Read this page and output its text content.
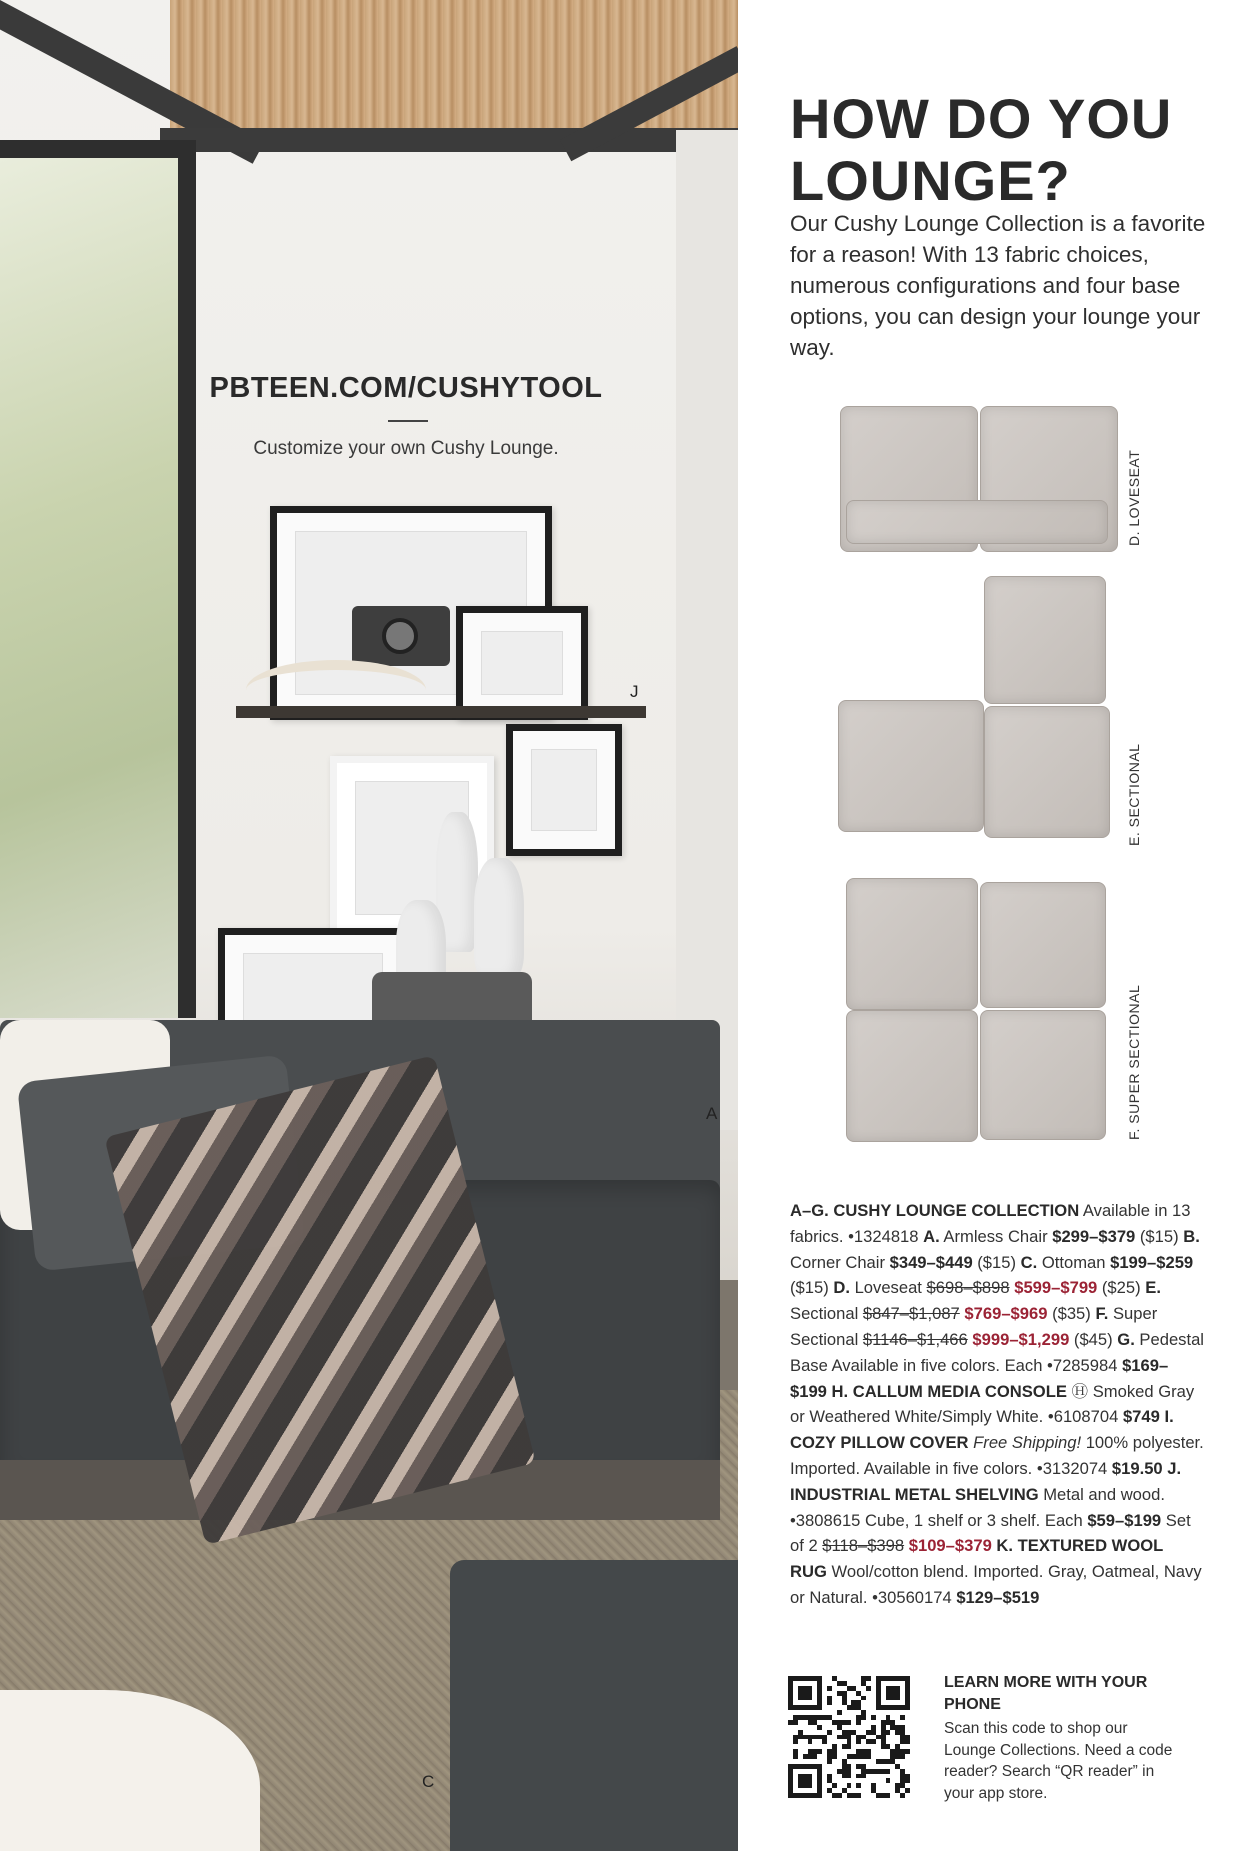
PBTEEN.COM/CUSHYTOOL
Customize your own Cushy Lounge.
J
A
C
HOW DO YOU
LOUNGE?
Our Cushy Lounge Collection is a favorite for a reason! With 13 fabric choices, numerous configurations and four base options, you can design your lounge your way.
D. LOVESEAT
E. SECTIONAL
F. SUPER SECTIONAL
A–G. CUSHY LOUNGE COLLECTION Available in 13 fabrics. •1324818 A. Armless Chair $299–$379 ($15) B. Corner Chair $349–$449 ($15) C. Ottoman $199–$259 ($15) D. Loveseat $698–$898 $599–$799 ($25) E. Sectional $847–$1,087 $769–$969 ($35) F. Super Sectional $1146–$1,466 $999–$1,299 ($45) G. Pedestal Base Available in five colors. Each •7285984 $169–$199 H. CALLUM MEDIA CONSOLE Ⓗ Smoked Gray or Weathered White/Simply White. •6108704 $749 I. COZY PILLOW COVER Free Shipping! 100% polyester. Imported. Available in five colors. •3132074 $19.50 J. INDUSTRIAL METAL SHELVING Metal and wood. •3808615 Cube, 1 shelf or 3 shelf. Each $59–$199 Set of 2 $118–$398 $109–$379 K. TEXTURED WOOL RUG Wool/cotton blend. Imported. Gray, Oatmeal, Navy or Natural. •30560174 $129–$519
LEARN MORE WITH YOUR PHONE
Scan this code to shop our Lounge Collections. Need a code reader? Search “QR reader” in your app store.
